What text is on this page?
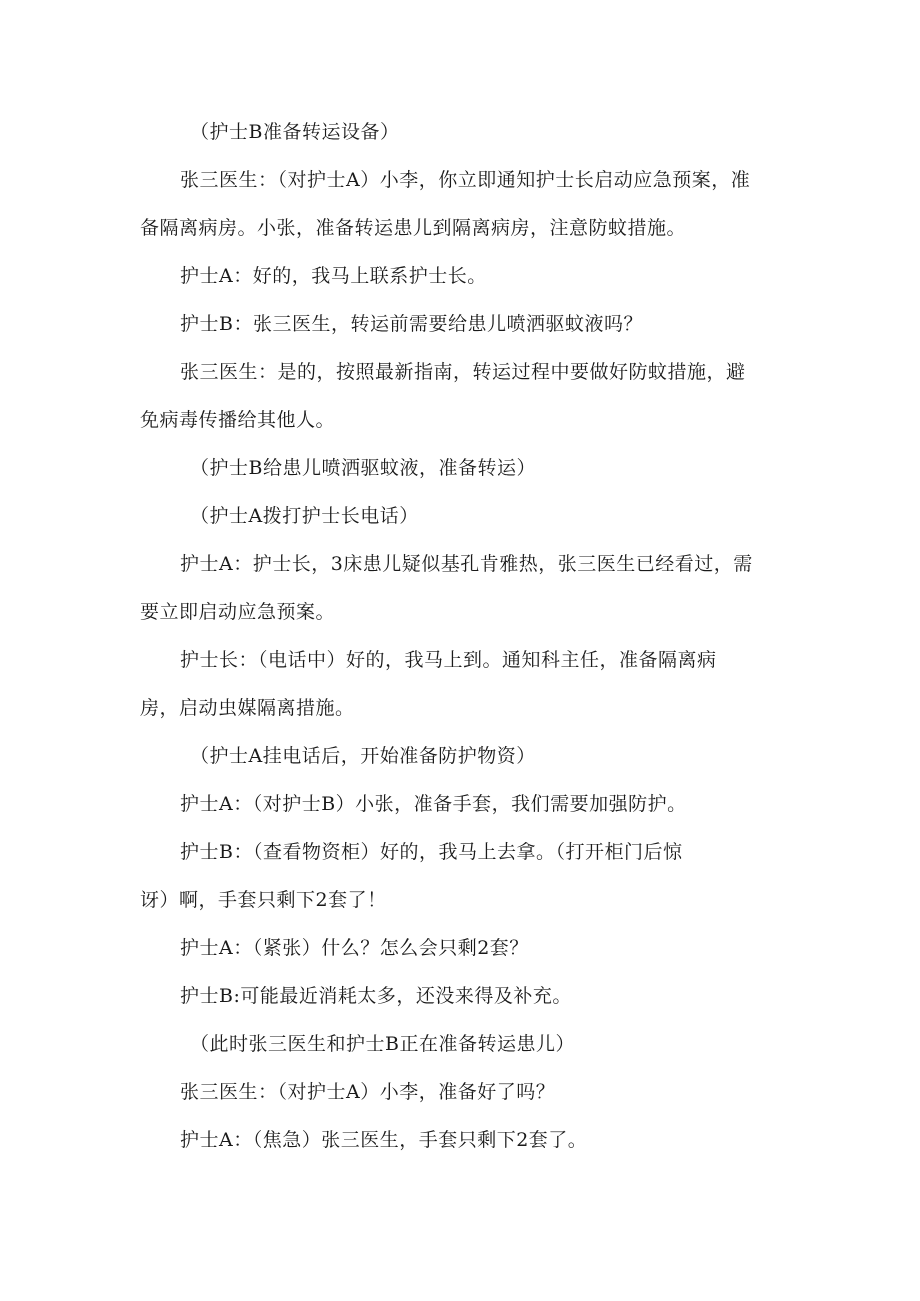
（护士B准备转运设备）

张三医生：（对护士A）小李，你立即通知护士长启动应急预案，准

备隔离病房。小张，准备转运患儿到隔离病房，注意防蚊措施。

护士A：好的，我马上联系护士长。

护士B：张三医生，转运前需要给患儿喷洒驱蚊液吗？

张三医生：是的，按照最新指南，转运过程中要做好防蚊措施，避

免病毒传播给其他人。

（护士B给患儿喷洒驱蚊液，准备转运）

（护士A拨打护士长电话）

护士A：护士长，3床患儿疑似基孔肯雅热，张三医生已经看过，需

要立即启动应急预案。

护士长：（电话中）好的，我马上到。通知科主任，准备隔离病

房，启动虫媒隔离措施。

（护士A挂电话后，开始准备防护物资）

护士A：（对护士B）小张，准备手套，我们需要加强防护。

护士B：（查看物资柜）好的，我马上去拿。（打开柜门后惊

讶）啊，手套只剩下2套了！

护士A：（紧张）什么？怎么会只剩2套？

护士B:可能最近消耗太多，还没来得及补充。

（此时张三医生和护士B正在准备转运患儿）

张三医生：（对护士A）小李，准备好了吗？

护士A：（焦急）张三医生，手套只剩下2套了。
